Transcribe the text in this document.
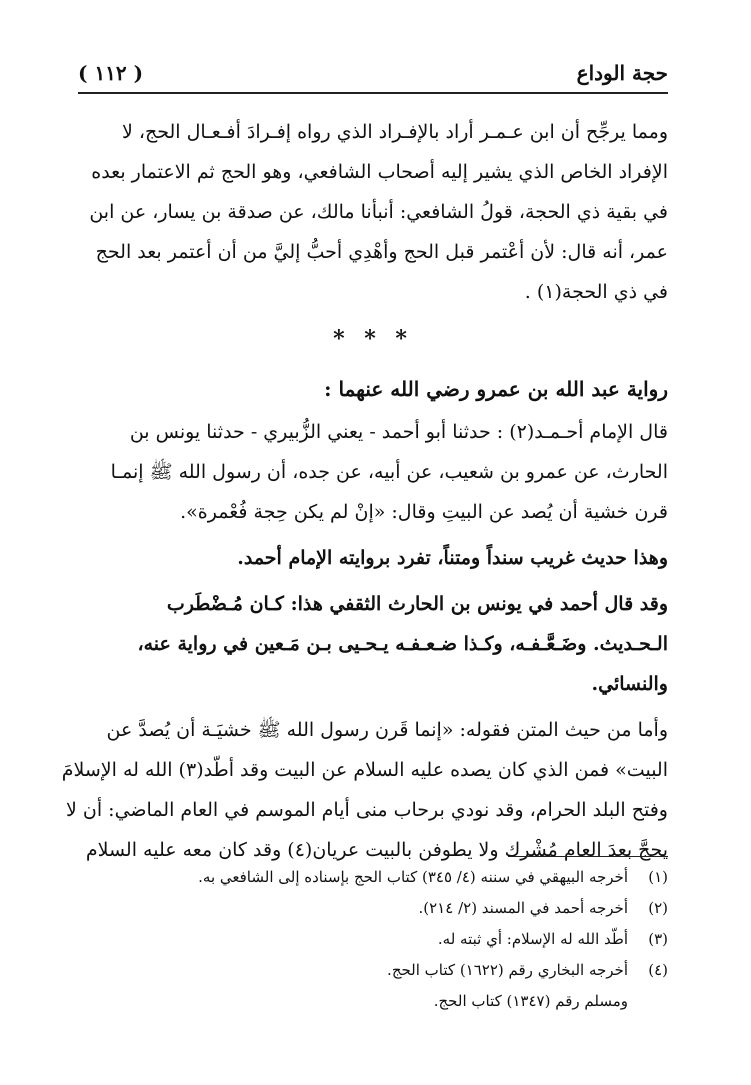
( ١١٢ )	حجة الوداع
ومما يرجِّح أن ابن عـمـر أراد بالإفـراد الذي رواه إفـرادَ أفـعـال الحج، لا
الإفراد الخاص الذي يشير إليه أصحاب الشافعي، وهو الحج ثم الاعتمار بعده
في بقية ذي الحجة، قولُ الشافعي: أنبأنا مالك، عن صدقة بن يسار، عن ابن
عمر، أنه قال: لأن أعْتمر قبل الحج وأهْدِي أحبُّ إليَّ من أن أعتمر بعد الحج
في ذي الحجة(١) .
* * *
رواية عبد الله بن عمرو رضي الله عنهما :
قال الإمام أحـمـد(٢) : حدثنا أبو أحمد - يعني الزُّبيري - حدثنا يونس بن
الحارث، عن عمرو بن شعيب، عن أبيه، عن جده، أن رسول الله ﷺ إنمـا
قرن خشية أن يُصد عن البيتِ وقال: «إنْ لم يكن حِجة فُعْمرة».
وهذا حديث غريب سنداً ومتناً، تفرد بروايته الإمام أحمد.
وقد قال أحمد في يونس بن الحارث الثقفي هذا: كـان مُـضْطَرب
الـحـديث. وضَـعَّـفـه، وكـذا ضـعـفـه يـحـيى بـن مَـعين في رواية عنه،
والنسائي.
وأما من حيث المتن فقوله: «إنما قَرن رسول الله ﷺ خشيَـة أن يُصدَّ عن
البيت» فمن الذي كان يصده عليه السلام عن البيت وقد أطّد(٣) الله له الإسلامَ
وفتح البلد الحرام، وقد نودي برحاب منى أيام الموسم في العام الماضي: أن لا
يحجَّ بعدَ العام مُشْرك ولا يطوفن بالبيت عريان(٤) وقد كان معه عليه السلام
(١)أخرجه البيهقي في سننه (٤/ ٣٤٥) كتاب الحج بإسناده إلى الشافعي به.
(٢)أخرجه أحمد في المسند (٢/ ٢١٤).
(٣)أطّد الله له الإسلام: أي ثبته له.
(٤)أخرجه البخاري رقم (١٦٢٢) كتاب الحج.
ومسلم رقم (١٣٤٧) كتاب الحج.
